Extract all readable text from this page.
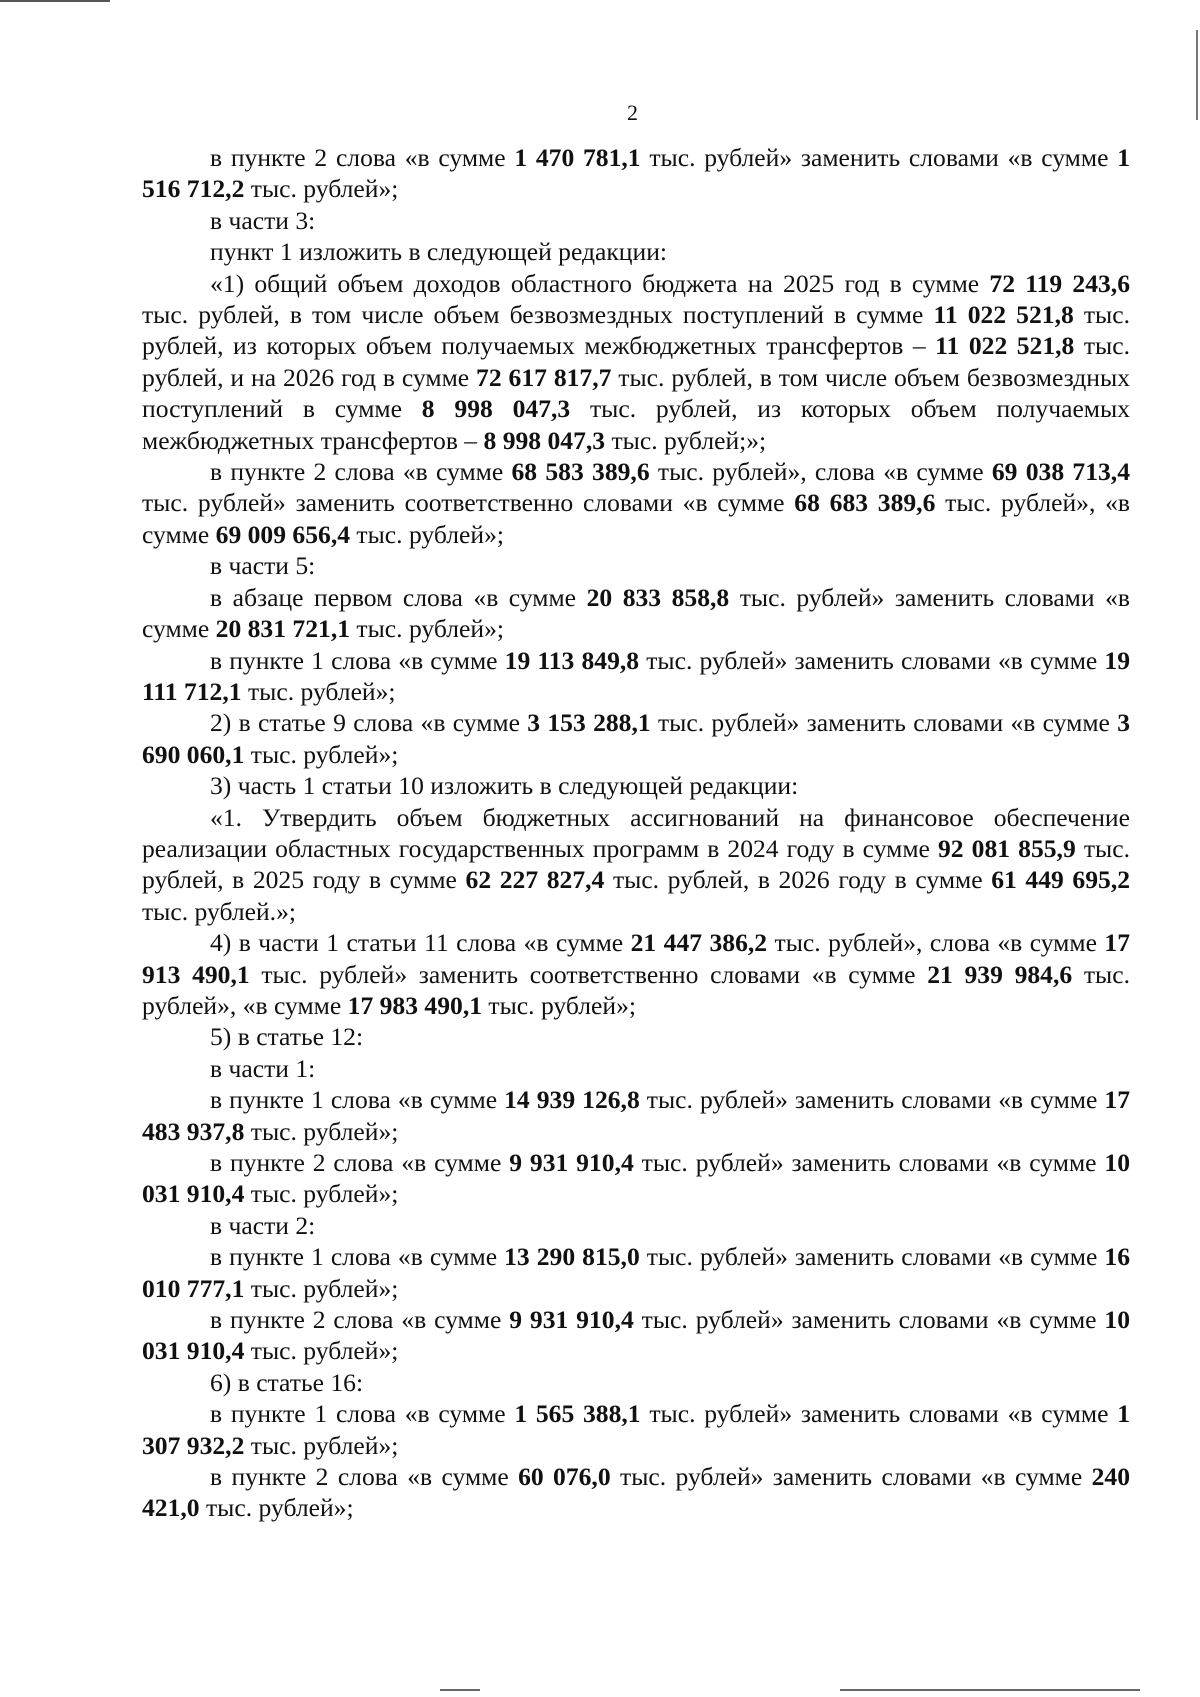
2

в пункте 2 слова «в сумме 1 470 781,1 тыс. рублей» заменить словами «в сумме 1 516 712,2 тыс. рублей»;

в части 3:

пункт 1 изложить в следующей редакции:

«1) общий объем доходов областного бюджета на 2025 год в сумме 72 119 243,6 тыс. рублей, в том числе объем безвозмездных поступлений в сумме 11 022 521,8 тыс. рублей, из которых объем получаемых межбюджетных трансфертов – 11 022 521,8 тыс. рублей, и на 2026 год в сумме 72 617 817,7 тыс. рублей, в том числе объем безвозмездных поступлений в сумме 8 998 047,3 тыс. рублей, из которых объем получаемых межбюджетных трансфертов – 8 998 047,3 тыс. рублей;»;

в пункте 2 слова «в сумме 68 583 389,6 тыс. рублей», слова «в сумме 69 038 713,4 тыс. рублей» заменить соответственно словами «в сумме 68 683 389,6 тыс. рублей», «в сумме 69 009 656,4 тыс. рублей»;

в части 5:

в абзаце первом слова «в сумме 20 833 858,8 тыс. рублей» заменить словами «в сумме 20 831 721,1 тыс. рублей»;

в пункте 1 слова «в сумме 19 113 849,8 тыс. рублей» заменить словами «в сумме 19 111 712,1 тыс. рублей»;

2) в статье 9 слова «в сумме 3 153 288,1 тыс. рублей» заменить словами «в сумме 3 690 060,1 тыс. рублей»;

3) часть 1 статьи 10 изложить в следующей редакции:

«1. Утвердить объем бюджетных ассигнований на финансовое обеспечение реализации областных государственных программ в 2024 году в сумме 92 081 855,9 тыс. рублей, в 2025 году в сумме 62 227 827,4 тыс. рублей, в 2026 году в сумме 61 449 695,2 тыс. рублей.»;

4) в части 1 статьи 11 слова «в сумме 21 447 386,2 тыс. рублей», слова «в сумме 17 913 490,1 тыс. рублей» заменить соответственно словами «в сумме 21 939 984,6 тыс. рублей», «в сумме 17 983 490,1 тыс. рублей»;

5) в статье 12:

в части 1:

в пункте 1 слова «в сумме 14 939 126,8 тыс. рублей» заменить словами «в сумме 17 483 937,8 тыс. рублей»;

в пункте 2 слова «в сумме 9 931 910,4 тыс. рублей» заменить словами «в сумме 10 031 910,4 тыс. рублей»;

в части 2:

в пункте 1 слова «в сумме 13 290 815,0 тыс. рублей» заменить словами «в сумме 16 010 777,1 тыс. рублей»;

в пункте 2 слова «в сумме 9 931 910,4 тыс. рублей» заменить словами «в сумме 10 031 910,4 тыс. рублей»;

6) в статье 16:

в пункте 1 слова «в сумме 1 565 388,1 тыс. рублей» заменить словами «в сумме 1 307 932,2 тыс. рублей»;

в пункте 2 слова «в сумме 60 076,0 тыс. рублей» заменить словами «в сумме 240 421,0 тыс. рублей»;
